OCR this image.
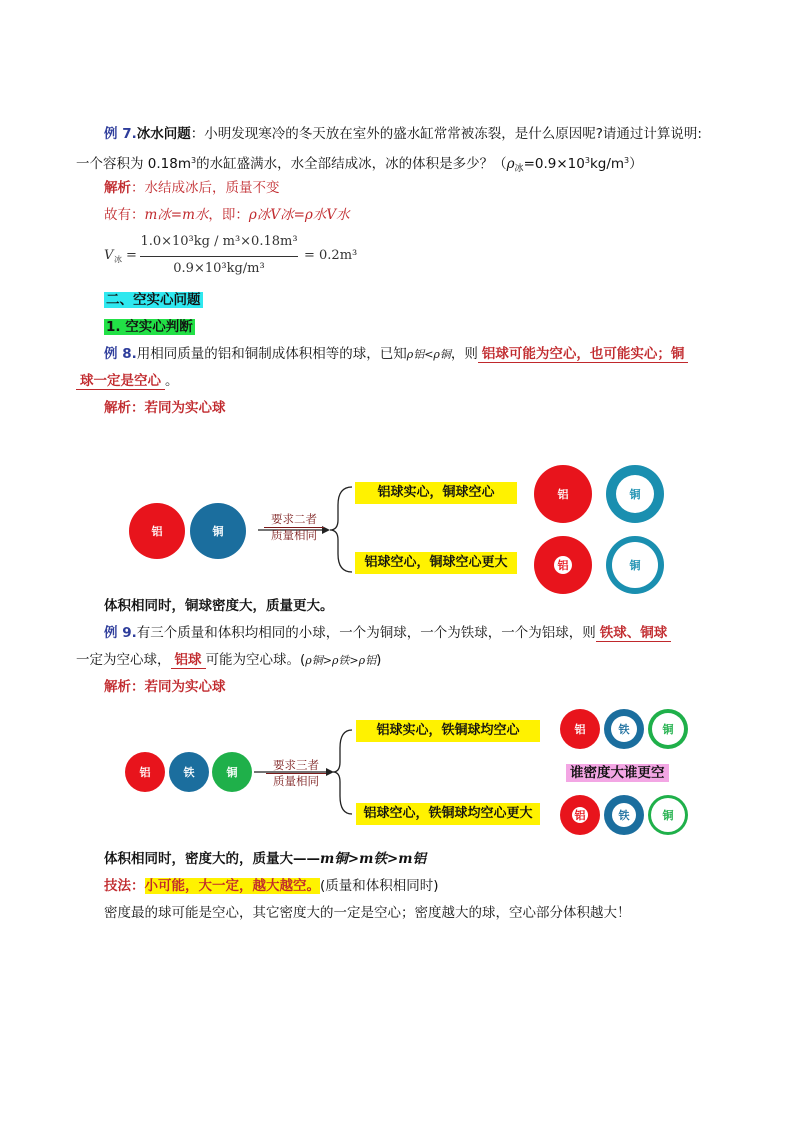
例 7.冰水问题：小明发现寒冷的冬天放在室外的盛水缸常常被冻裂，是什么原因呢?请通过计算说明:
一个容积为 $0.18m^3$的水缸盛满水，水全部结成冰，冰的体积是多少？$(\rho_冰=0.9\times 10^3kg/m^3)$
解析：水结成冰后，质量不变
故有：m冰=m水，即：ρ冰V冰=ρ水V水
V 冰 =
1.0×10³kg / m³×0.18m³
0.9×10³kg/m³
= 0.2m³
二、空实心问题
1. 空实心判断
例 8.用相同质量的铝和铜制成体积相等的球，已知ρ铝<ρ铜，则 铝球可能为空心，也可能实心；铜
球一定是空心 。
解析：若同为实心球
铝	铜
要求二者
质量相同
铝球实心，铜球空心
铝球空心，铜球空心更大
铝	铜
铝	铜
体积相同时，铜球密度大，质量更大。
例 9.有三个质量和体积均相同的小球，一个为铜球，一个为铁球，一个为铝球，则 铁球、铜球
一定为空心球， 铝球 可能为空心球。(ρ铜>ρ铁>ρ铝)
解析：若同为实心球
铝	铁	铜
要求三者
质量相同
铝球实心，铁铜球均空心
铝球空心，铁铜球均空心更大
铝	铁	铜
谁密度大谁更空
铝	铁	铜
体积相同时，密度大的，质量大——m铜>m铁>m铝
技法：小可能，大一定，越大越空。(质量和体积相同时)
密度最的球可能是空心，其它密度大的一定是空心；密度越大的球，空心部分体积越大！
